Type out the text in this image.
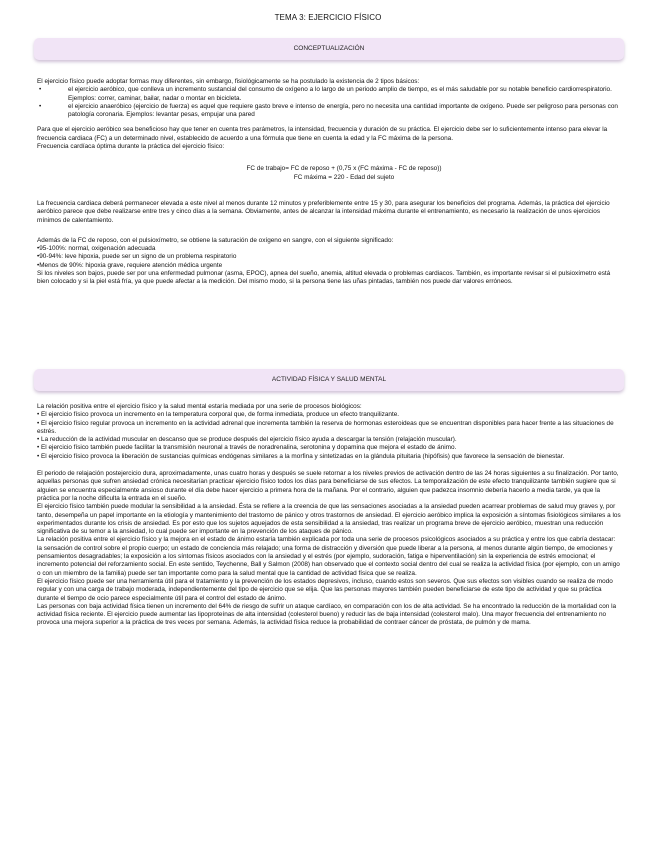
TEMA 3: EJERCICIO FÍSICO
CONCEPTUALIZACIÓN

El ejercicio físico puede adoptar formas muy diferentes, sin embargo, fisiológicamente se ha postulado la existencia de 2 tipos básicos:

• el ejercicio aeróbico, que conlleva un incremento sustancial del consumo de oxígeno a lo largo de un periodo amplio de tiempo, es el más saludable por su notable beneficio cardiorrespiratorio. Ejemplos: correr, caminar, bailar, nadar o montar en bicicleta.
• el ejercicio anaeróbico (ejercicio de fuerza) es aquel que requiere gasto breve e intenso de energía, pero no necesita una cantidad importante de oxígeno. Puede ser peligroso para personas con patología coronaria. Ejemplos: levantar pesas, empujar una pared

Para que el ejercicio aeróbico sea beneficioso hay que tener en cuenta tres parámetros, la intensidad, frecuencia y duración de su práctica. El ejercicio debe ser lo suficientemente intenso para elevar la frecuencia cardiaca (FC) a un determinado nivel, establecido de acuerdo a una fórmula que tiene en cuenta la edad y la FC máxima de la persona.

Frecuencia cardíaca óptima durante la práctica del ejercicio físico:

FC de trabajo= FC de reposo + (0,75 x (FC máxima - FC de reposo))

FC máxima = 220 - Edad del sujeto

La frecuencia cardiaca deberá permanecer elevada a este nivel al menos durante 12 minutos y preferiblemente entre 15 y 30, para asegurar los beneficios del programa. Además, la práctica del ejercicio aeróbico parece que debe realizarse entre tres y cinco días a la semana. Obviamente, antes de alcanzar la intensidad máxima durante el entrenamiento, es necesario la realización de unos ejercicios mínimos de calentamiento.

Además de la FC de reposo, con el pulsioxímetro, se obtiene la saturación de oxígeno en sangre, con el siguiente significado:

•95-100%: normal, oxigenación adecuada

•90-94%: leve hipoxia, puede ser un signo de un problema respiratorio

•Menos de 90%: hipoxia grave, requiere atención médica urgente

Si los niveles son bajos, puede ser por una enfermedad pulmonar (asma, EPOC), apnea del sueño, anemia, altitud elevada o problemas cardiacos. También, es importante revisar si el pulsioxímetro está bien colocado y si la piel está fría, ya que puede afectar a la medición. Del mismo modo, si la persona tiene las uñas pintadas, también nos puede dar valores erróneos.

ACTIVIDAD FÍSICA Y SALUD MENTAL

La relación positiva entre el ejercicio físico y la salud mental estaría mediada por una serie de procesos biológicos:

• El ejercicio físico provoca un incremento en la temperatura corporal que, de forma inmediata, produce un efecto tranquilizante.

• El ejercicio físico regular provoca un incremento en la actividad adrenal que incrementa también la reserva de hormonas esteroideas que se encuentran disponibles para hacer frente a las situaciones de estrés.

• La reducción de la actividad muscular en descanso que se produce después del ejercicio físico ayuda a descargar la tensión (relajación muscular).

• El ejercicio físico también puede facilitar la transmisión neuronal a través de noradrenalina, serotonina y dopamina que mejora el estado de ánimo.

• El ejercicio físico provoca la liberación de sustancias químicas endógenas similares a la morfina y sintetizadas en la glándula pituitaria (hipófisis) que favorece la sensación de bienestar.

El periodo de relajación postejercicio dura, aproximadamente, unas cuatro horas y después se suele retornar a los niveles previos de activación dentro de las 24 horas siguientes a su finalización. Por tanto, aquellas personas que sufren ansiedad crónica necesitarían practicar ejercicio físico todos los días para beneficiarse de sus efectos. La temporalización de este efecto tranquilizante también sugiere que si alguien se encuentra especialmente ansioso durante el día debe hacer ejercicio a primera hora de la mañana. Por el contrario, alguien que padezca insomnio debería hacerlo a media tarde, ya que la práctica por la noche dificulta la entrada en el sueño.

El ejercicio físico también puede modular la sensibilidad a la ansiedad. Ésta se refiere a la creencia de que las sensaciones asociadas a la ansiedad pueden acarrear problemas de salud muy graves y, por tanto, desempeña un papel importante en la etiología y mantenimiento del trastorno de pánico y otros trastornos de ansiedad. El ejercicio aeróbico implica la exposición a síntomas fisiológicos similares a los experimentados durante los crisis de ansiedad. Es por esto que los sujetos aquejados de esta sensibilidad a la ansiedad, tras realizar un programa breve de ejercicio aeróbico, muestran una reducción significativa de su temor a la ansiedad, lo cual puede ser importante en la prevención de los ataques de pánico.

La relación positiva entre el ejercicio físico y la mejora en el estado de ánimo estaría también explicada por toda una serie de procesos psicológicos asociados a su práctica y entre los que cabría destacar: la sensación de control sobre el propio cuerpo; un estado de conciencia más relajado; una forma de distracción y diversión que puede liberar a la persona, al menos durante algún tiempo, de emociones y pensamientos desagradables; la exposición a los síntomas físicos asociados con la ansiedad y el estrés (por ejemplo, sudoración, fatiga e hiperventilación) sin la experiencia de estrés emocional; el incremento potencial del reforzamiento social. En este sentido, Teychenne, Ball y Salmon (2008) han observado que el contexto social dentro del cual se realiza la actividad física (por ejemplo, con un amigo o con un miembro de la familia) puede ser tan importante como para la salud mental que la cantidad de actividad física que se realiza.

El ejercicio físico puede ser una herramienta útil para el tratamiento y la prevención de los estados depresivos, incluso, cuando estos son severos. Que sus efectos son visibles cuando se realiza de modo regular y con una carga de trabajo moderada, independientemente del tipo de ejercicio que se elija. Que las personas mayores también pueden beneficiarse de este tipo de actividad y que su práctica durante el tiempo de ocio parece especialmente útil para el control del estado de ánimo.

Las personas con baja actividad física tienen un incremento del 64% de riesgo de sufrir un ataque cardíaco, en comparación con los de alta actividad. Se ha encontrado la reducción de la mortalidad con la actividad física reciente. El ejercicio puede aumentar las lipoproteínas de alta intensidad (colesterol bueno) y reducir las de baja intensidad (colesterol malo). Una mayor frecuencia del entrenamiento no provoca una mejora superior a la práctica de tres veces por semana. Además, la actividad física reduce la probabilidad de contraer cáncer de próstata, de pulmón y de mama.
